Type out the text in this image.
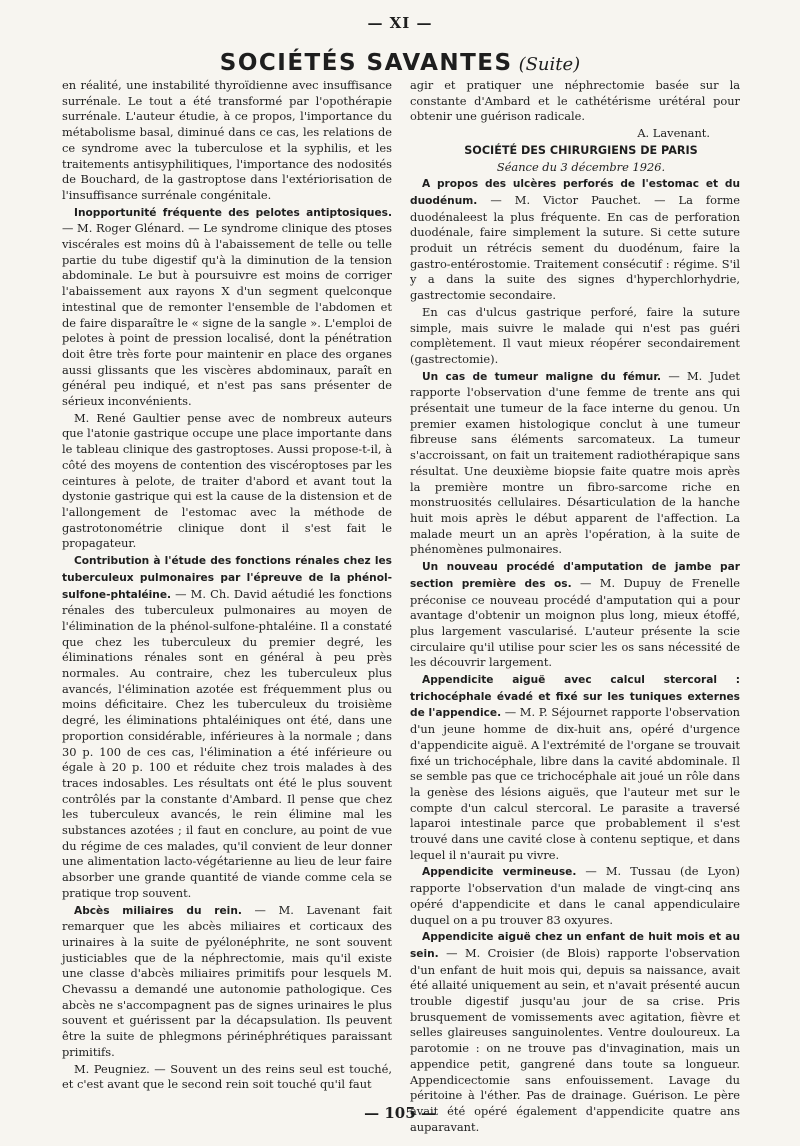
— XI —
SOCIÉTÉS SAVANTES (Suite)

en réalité, une instabilité thyroïdienne avec insuffisance surrénale. Le tout a été transformé par l'opothérapie surrénale. L'auteur étudie, à ce propos, l'importance du métabolisme basal, diminué dans ce cas, les relations de ce syndrome avec la tuberculose et la syphilis, et les traitements antisyphilitiques, l'importance des nodosités de Bouchard, de la gastroptose dans l'extériorisation de l'insuffisance surrénale congénitale.

Inopportunité fréquente des pelotes antiptosiques. — M. Roger Glénard. — Le syndrome clinique des ptoses viscérales est moins dû à l'abaissement de telle ou telle partie du tube digestif qu'à la diminution de la tension abdominale. Le but à poursuivre est moins de corriger l'abaissement aux rayons X d'un segment quelconque intestinal que de remonter l'ensemble de l'abdomen et de faire disparaître le « signe de la sangle ». L'emploi de pelotes à point de pression localisé, dont la pénétration doit être très forte pour maintenir en place des organes aussi glissants que les viscères abdominaux, paraît en général peu indiqué, et n'est pas sans présenter de sérieux inconvénients.

M. René Gaultier pense avec de nombreux auteurs que l'atonie gastrique occupe une place importante dans le tableau clinique des gastroptoses. Aussi propose-t-il, à côté des moyens de contention des viscéroptoses par les ceintures à pelote, de traiter d'abord et avant tout la dystonie gastrique qui est la cause de la distension et de l'allongement de l'estomac avec la méthode de gastrotonométrie clinique dont il s'est fait le propagateur.

Contribution à l'étude des fonctions rénales chez les tuberculeux pulmonaires par l'épreuve de la phénol-sulfone-phtaléine. — M. Ch. David aétudié les fonctions rénales des tuberculeux pulmonaires au moyen de l'élimination de la phénol-sulfone-phtaléine. Il a constaté que chez les tuberculeux du premier degré, les éliminations rénales sont en général à peu près normales. Au contraire, chez les tuberculeux plus avancés, l'élimination azotée est fréquemment plus ou moins déficitaire. Chez les tuberculeux du troisième degré, les éliminations phtaléiniques ont été, dans une proportion considérable, inférieures à la normale ; dans 30 p. 100 de ces cas, l'élimination a été inférieure ou égale à 20 p. 100 et réduite chez trois malades à des traces indosables. Les résultats ont été le plus souvent contrôlés par la constante d'Ambard. Il pense que chez les tuberculeux avancés, le rein élimine mal les substances azotées ; il faut en conclure, au point de vue du régime de ces malades, qu'il convient de leur donner une alimentation lacto-végétarienne au lieu de leur faire absorber une grande quantité de viande comme cela se pratique trop souvent.

Abcès miliaires du rein. — M. Lavenant fait remarquer que les abcès miliaires et corticaux des urinaires à la suite de pyélonéphrite, ne sont souvent justiciables que de la néphrectomie, mais qu'il existe une classe d'abcès miliaires primitifs pour lesquels M. Chevassu a demandé une autonomie pathologique. Ces abcès ne s'accompagnent pas de signes urinaires le plus souvent et guérissent par la décapsulation. Ils peuvent être la suite de phlegmons périnéphrétiques paraissant primitifs.

M. Peugniez. — Souvent un des reins seul est touché, et c'est avant que le second rein soit touché qu'il faut

agir et pratiquer une néphrectomie basée sur la constante d'Ambard et le cathétérisme urétéral pour obtenir une guérison radicale.

A. Lavenant.

SOCIÉTÉ DES CHIRURGIENS DE PARIS

Séance du 3 décembre 1926.

A propos des ulcères perforés de l'estomac et du duodénum. — M. Victor Pauchet. — La forme duodénaleest la plus fréquente. En cas de perforation duodénale, faire simplement la suture. Si cette suture produit un rétrécis sement du duodénum, faire la gastro-entérostomie. Traitement consécutif : régime. S'il y a dans la suite des signes d'hyperchlorhydrie, gastrectomie secondaire.

En cas d'ulcus gastrique perforé, faire la suture simple, mais suivre le malade qui n'est pas guéri complètement. Il vaut mieux réopérer secondairement (gastrectomie).

Un cas de tumeur maligne du fémur. — M. Judet rapporte l'observation d'une femme de trente ans qui présentait une tumeur de la face interne du genou. Un premier examen histologique conclut à une tumeur fibreuse sans éléments sarcomateux. La tumeur s'accroissant, on fait un traitement radiothérapique sans résultat. Une deuxième biopsie faite quatre mois après la première montre un fibro-sarcome riche en monstruosités cellulaires. Désarticulation de la hanche huit mois après le début apparent de l'affection. La malade meurt un an après l'opération, à la suite de phénomènes pulmonaires.

Un nouveau procédé d'amputation de jambe par section première des os. — M. Dupuy de Frenelle préconise ce nouveau procédé d'amputation qui a pour avantage d'obtenir un moignon plus long, mieux étoffé, plus largement vascularisé. L'auteur présente la scie circulaire qu'il utilise pour scier les os sans nécessité de les découvrir largement.

Appendicite aiguë avec calcul stercoral : trichocéphale évadé et fixé sur les tuniques externes de l'appendice. — M. P. Séjournet rapporte l'observation d'un jeune homme de dix-huit ans, opéré d'urgence d'appendicite aiguë. A l'extrémité de l'organe se trouvait fixé un trichocéphale, libre dans la cavité abdominale. Il se semble pas que ce trichocéphale ait joué un rôle dans la genèse des lésions aiguës, que l'auteur met sur le compte d'un calcul stercoral. Le parasite a traversé laparoi intestinale parce que probablement il s'est trouvé dans une cavité close à contenu septique, et dans lequel il n'aurait pu vivre.

Appendicite vermineuse. — M. Tussau (de Lyon) rapporte l'observation d'un malade de vingt-cinq ans opéré d'appendicite et dans le canal appendiculaire duquel on a pu trouver 83 oxyures.

Appendicite aiguë chez un enfant de huit mois et au sein. — M. Croisier (de Blois) rapporte l'observation d'un enfant de huit mois qui, depuis sa naissance, avait été allaité uniquement au sein, et n'avait présenté aucun trouble digestif jusqu'au jour de sa crise. Pris brusquement de vomissements avec agitation, fièvre et selles glaireuses sanguinolentes. Ventre douloureux. La parotomie : on ne trouve pas d'invagination, mais un appendice petit, gangrené dans toute sa longueur. Appendicectomie sans enfouissement. Lavage du péritoine à l'éther. Pas de drainage. Guérison. Le père avait été opéré également d'appendicite quatre ans auparavant.

— 105 —
